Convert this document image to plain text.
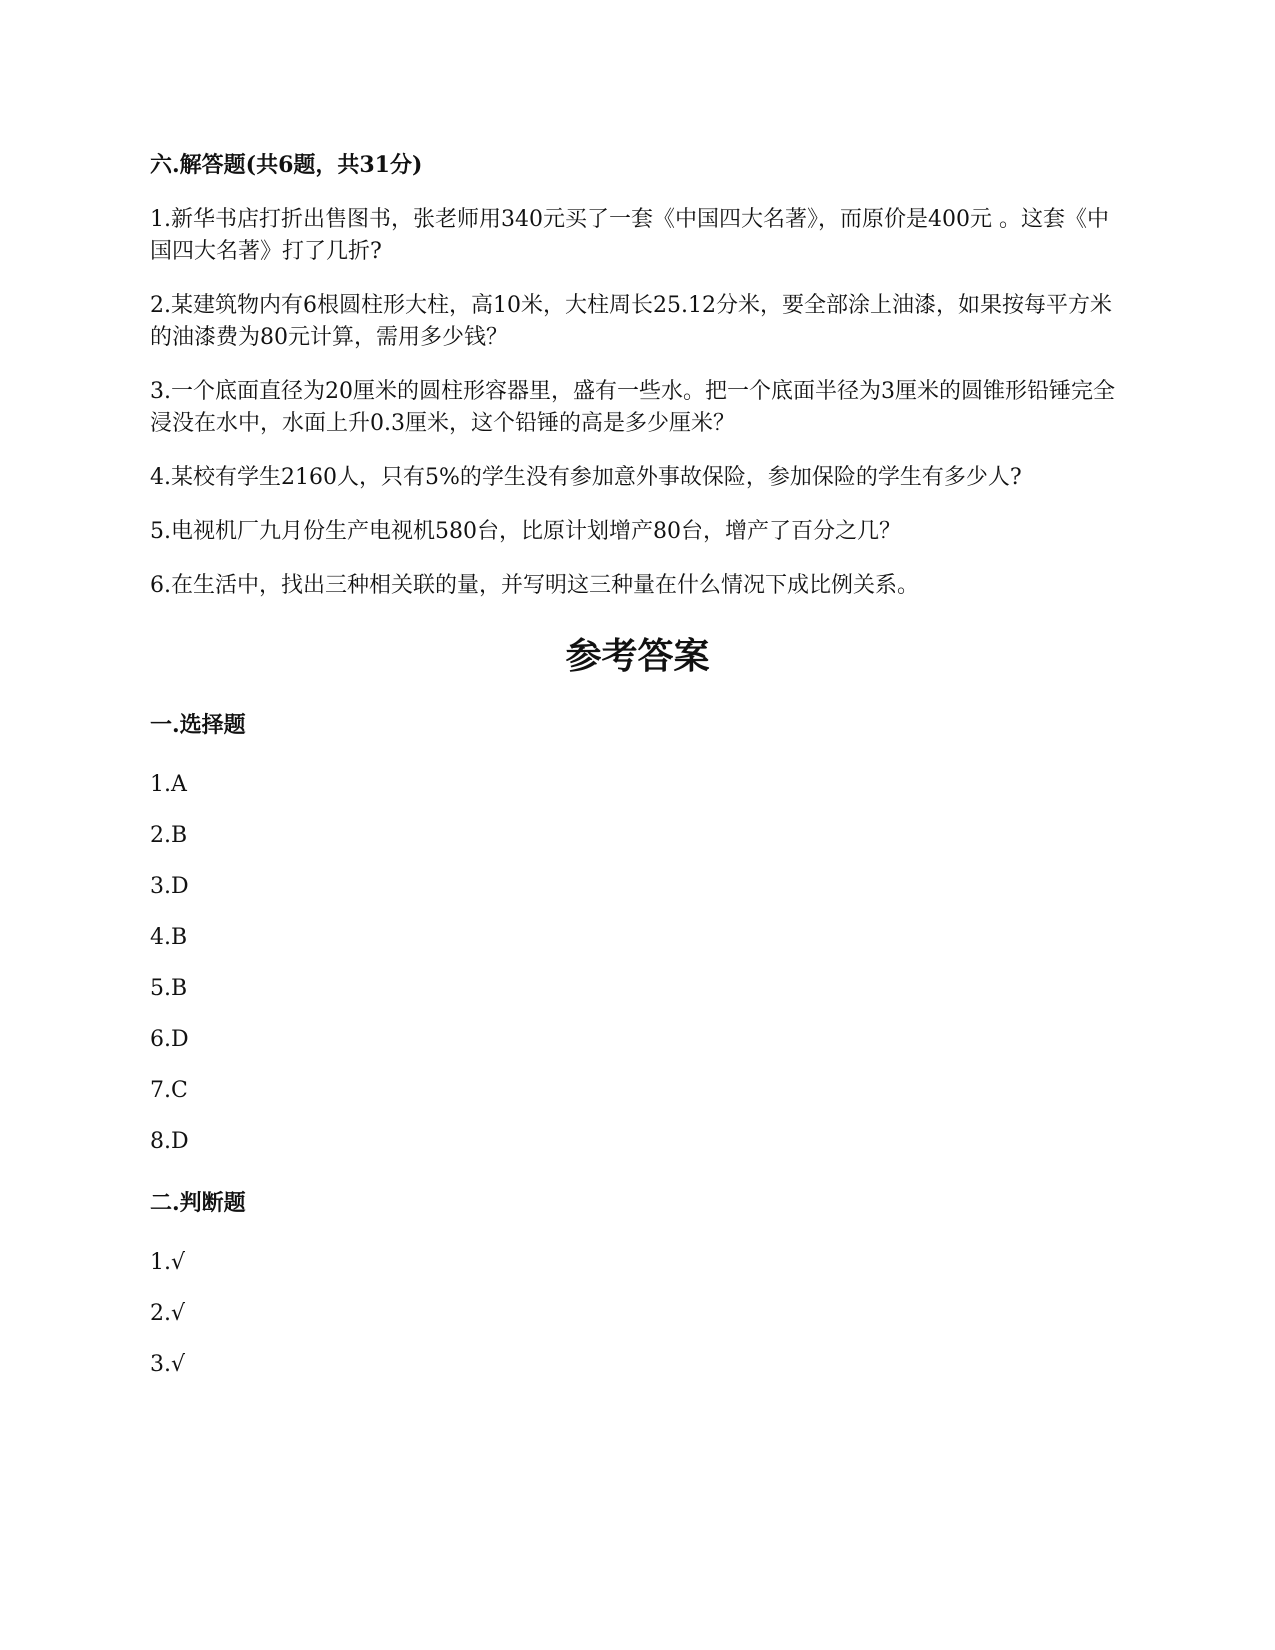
六.解答题(共6题，共31分)

1.新华书店打折出售图书，张老师用340元买了一套《中国四大名著》，而原价是400元 。这套《中国四大名著》打了几折?

2.某建筑物内有6根圆柱形大柱，高10米，大柱周长25.12分米，要全部涂上油漆，如果按每平方米的油漆费为80元计算，需用多少钱？

3.一个底面直径为20厘米的圆柱形容器里，盛有一些水。把一个底面半径为3厘米的圆锥形铅锤完全浸没在水中，水面上升0.3厘米，这个铅锤的高是多少厘米？

4.某校有学生2160人，只有5%的学生没有参加意外事故保险，参加保险的学生有多少人?

5.电视机厂九月份生产电视机580台，比原计划增产80台，增产了百分之几？

6.在生活中，找出三种相关联的量，并写明这三种量在什么情况下成比例关系。

参考答案
一.选择题

1.A

2.B

3.D

4.B

5.B

6.D

7.C

8.D

二.判断题

1.√

2.√

3.√
